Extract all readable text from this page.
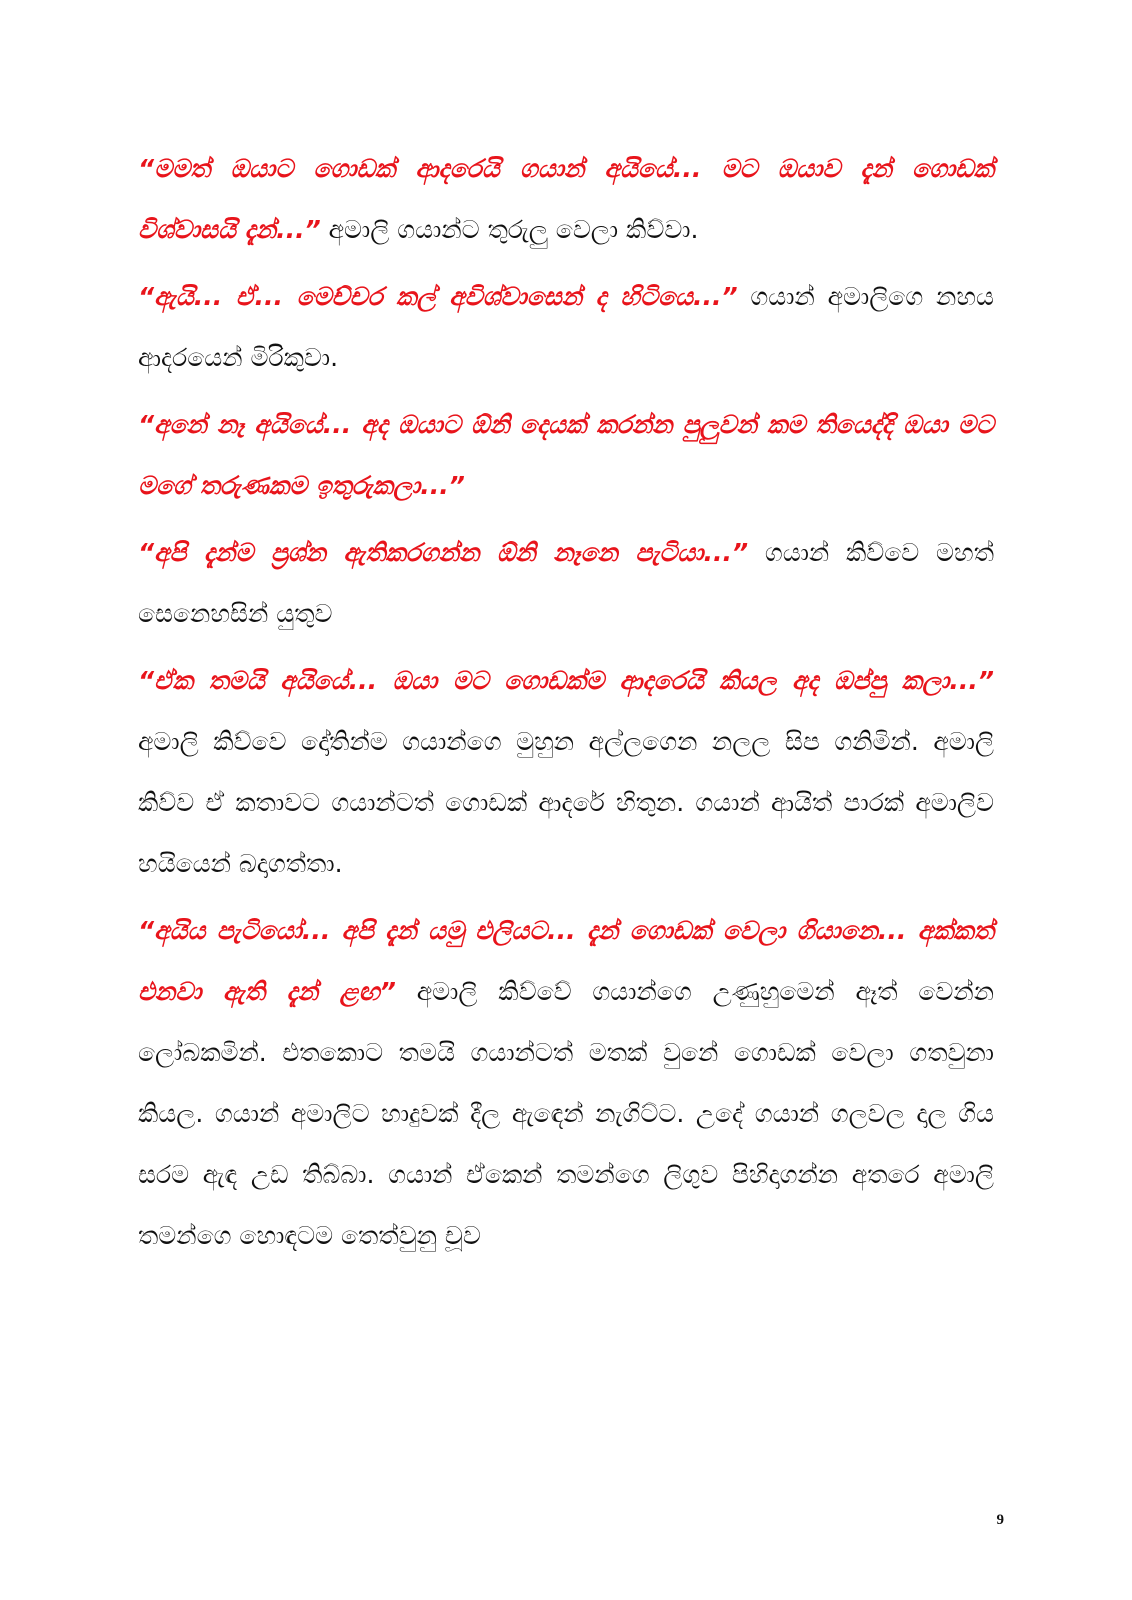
“මමත් ඔයාට ගොඩක් ආදරෙයි ගයාන් අයියේ... මට ඔයාව දැන් ගොඩක් විශ්වාසයි දැන්...” අමාලි ගයාන්ට තුරුලු වෙලා කිව්වා.

“ඇයි... ඒ... මෙච්චර කල් අවිශ්වාසෙන් ද හිටියෙ...” ගයාන් අමාලිගෙ නහය ආදරයෙන් මිරිකුවා.

“අනේ නෑ අයියේ... අද ඔයාට ඕනි දෙයක් කරන්න පුලුවන් කම තියෙද්දි ඔයා මට මගේ තරුණකම ඉතුරුකලා...”

“අපි දැන්ම ප්‍රශ්න ඇතිකරගන්න ඕනි නෑනෙ පැටියා...” ගයාන් කිව්වෙ මහත් සෙනෙහසින් යුතුව

“ඒක තමයි අයියේ... ඔයා මට ගොඩක්ම ආදරෙයි කියල අද ඔප්පු කලා...” අමාලි කිව්වෙ දෝතින්ම ගයාන්ගෙ මුහුන අල්ලගෙන නලල සිප ගනිමින්. අමාලි කිව්ව ඒ කතාවට ගයාන්ටත් ගොඩක් ආදරේ හිතුන. ගයාන් ආයිත් පාරක් අමාලිව හයියෙන් බදාගත්තා.

“අයිය පැටියෝ... අපි දැන් යමු එලියට... දැන් ගොඩක් වෙලා ගියානෙ... අක්කත් එනවා ඇති දැන් ළඟ” අමාලි කිව්වේ ගයාන්ගෙ උණුහුමෙන් ඈත් වෙන්න ලෝබකමින්. එතකොට තමයි ගයාන්ටත් මතක් වුනේ ගොඩක් වෙලා ගතවුනා කියල. ගයාන් අමාලිට හාදුවක් දීල ඇඳෙන් නැගිට්ට. උදේ ගයාන් ගලවල දාල ගිය සරම ඇඳ උඩ තිබ්බා. ගයාන් ඒකෙන් තමන්ගෙ ලිගුව පිහිදාගන්න අතරෙ අමාලි තමන්ගෙ හොඳටම තෙත්වුනු චූව

9
